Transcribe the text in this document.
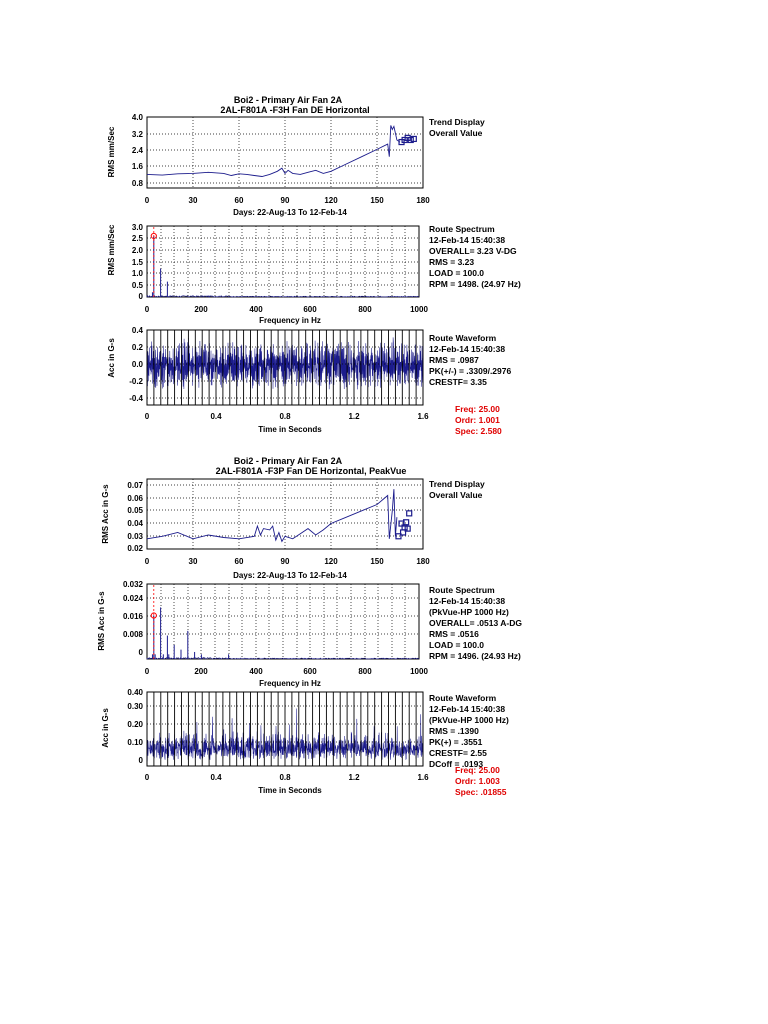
Boi2 - Primary Air Fan 2A
2AL-F801A -F3H Fan DE Horizontal
4.0
3.2
2.4
1.6
0.8
0	30	60	90	120	150	180
Days: 22-Aug-13 To 12-Feb-14
RMS mm/Sec
Trend Display
Overall Value
3.0
2.5
2.0
1.5
1.0
0.5
0
0	200	400	600	800	1000
Frequency in Hz
RMS mm/Sec	Route Spectrum
12-Feb-14 15:40:38
OVERALL= 3.23 V-DG
RMS = 3.23
LOAD = 100.0
RPM = 1498. (24.97 Hz)
0.4
0.2
0.0
-0.2
-0.4
0	0.4	0.8	1.2	1.6
Time in Seconds
Acc in G-s
Route Waveform
12-Feb-14 15:40:38
RMS = .0987
PK(+/-) = .3309/.2976
CRESTF= 3.35
Freq: 25.00
Ordr: 1.001
Spec: 2.580
Boi2 - Primary Air Fan 2A
2AL-F801A -F3P Fan DE Horizontal, PeakVue
0.07
0.06
0.05
0.04
0.03
0.02
0	30	60	90	120	150	180
Days: 22-Aug-13 To 12-Feb-14
RMS Acc in G-s
Trend Display
Overall Value
0.032
0.024
0.016
0.008
0
0	200	400	600	800	1000
Frequency in Hz
RMS Acc in G-s
Route Spectrum
12-Feb-14 15:40:38
(PkVue-HP 1000 Hz)
OVERALL= .0513 A-DG
RMS = .0516
LOAD = 100.0
RPM = 1496. (24.93 Hz)
0.40
0.30
0.20
0.10
0
0	0.4	0.8	1.2	1.6
Time in Seconds
Acc in G-s
Route Waveform
12-Feb-14 15:40:38
(PkVue-HP 1000 Hz)
RMS = .1390
PK(+) = .3551
CRESTF= 2.55
DCoff = .0193
Freq: 25.00
Ordr: 1.003
Spec: .01855
